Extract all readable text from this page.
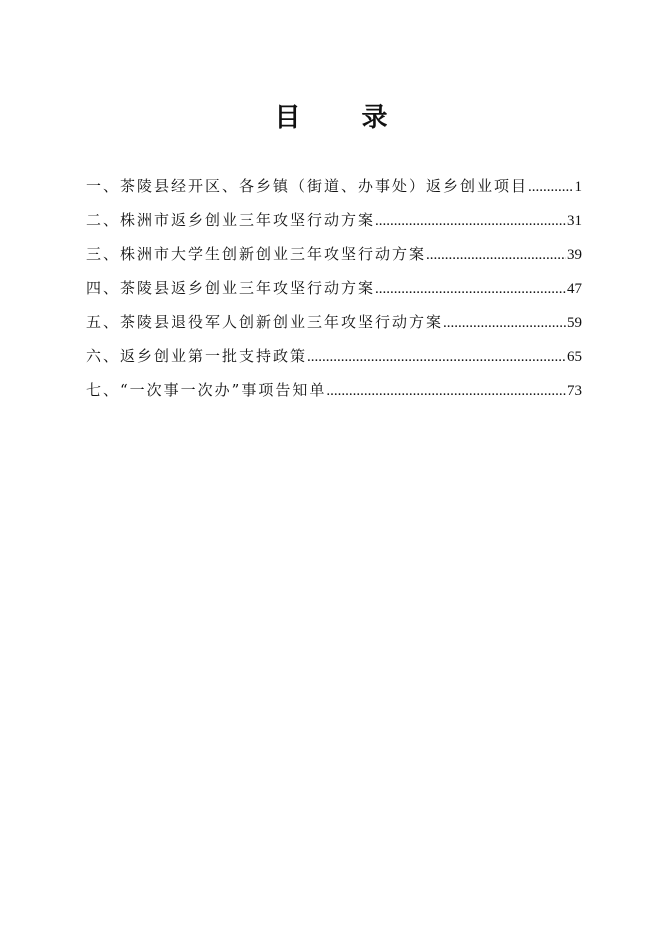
目 录
一、茶陵县经开区、各乡镇（街道、办事处）返乡创业项目 .....	1
二、株洲市返乡创业三年攻坚行动方案 .....	31
三、株洲市大学生创新创业三年攻坚行动方案 .....	39
四、茶陵县返乡创业三年攻坚行动方案 .....	47
五、茶陵县退役军人创新创业三年攻坚行动方案 .....	59
六、返乡创业第一批支持政策 .....	65
七、“一次事一次办”事项告知单 .....	73
